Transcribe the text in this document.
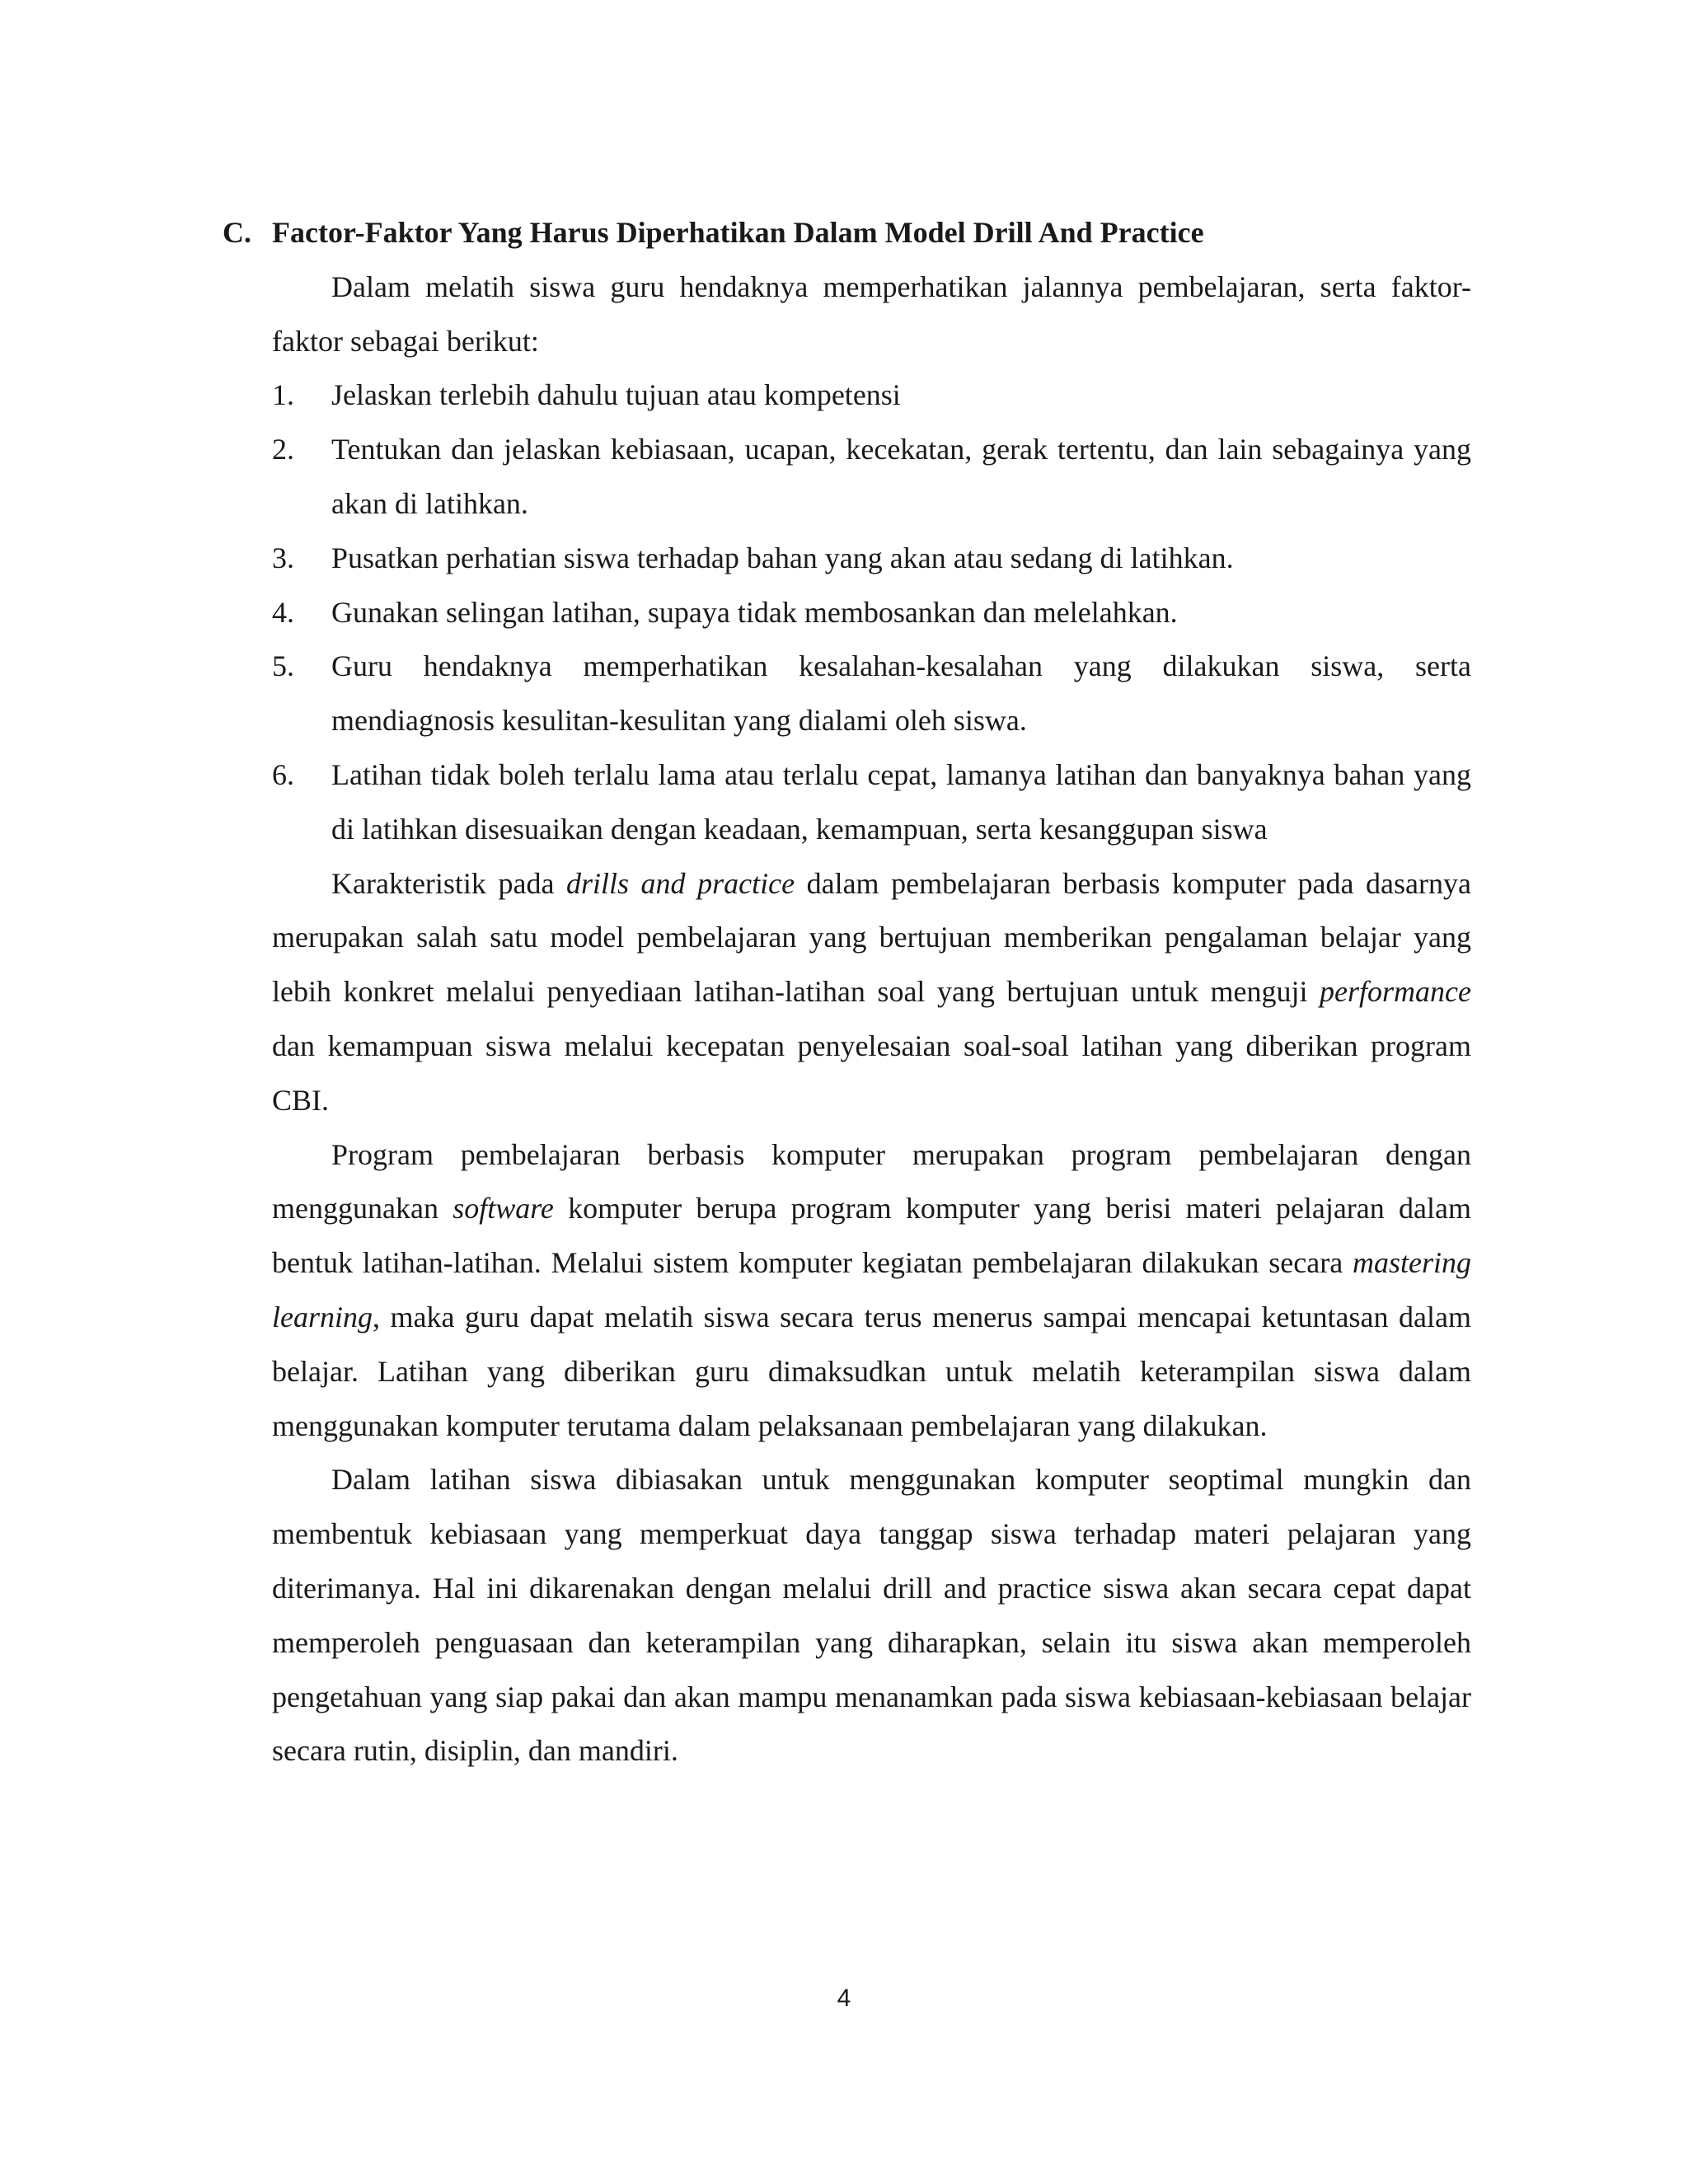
C. Factor-Faktor Yang Harus Diperhatikan Dalam Model Drill And Practice

Dalam melatih siswa guru hendaknya memperhatikan jalannya pembelajaran, serta faktor-faktor sebagai berikut:

1. Jelaskan terlebih dahulu tujuan atau kompetensi
2. Tentukan dan jelaskan kebiasaan, ucapan, kecekatan, gerak tertentu, dan lain sebagainya yang akan di latihkan.
3. Pusatkan perhatian siswa terhadap bahan yang akan atau sedang di latihkan.
4. Gunakan selingan latihan, supaya tidak membosankan dan melelahkan.
5. Guru hendaknya memperhatikan kesalahan-kesalahan yang dilakukan siswa, serta mendiagnosis kesulitan-kesulitan yang dialami oleh siswa.
6. Latihan tidak boleh terlalu lama atau terlalu cepat, lamanya latihan dan banyaknya bahan yang di latihkan disesuaikan dengan keadaan, kemampuan, serta kesanggupan siswa

Karakteristik pada drills and practice dalam pembelajaran berbasis komputer pada dasarnya merupakan salah satu model pembelajaran yang bertujuan memberikan pengalaman belajar yang lebih konkret melalui penyediaan latihan-latihan soal yang bertujuan untuk menguji performance dan kemampuan siswa melalui kecepatan penyelesaian soal-soal latihan yang diberikan program CBI.

Program pembelajaran berbasis komputer merupakan program pembelajaran dengan menggunakan software komputer berupa program komputer yang berisi materi pelajaran dalam bentuk latihan-latihan. Melalui sistem komputer kegiatan pembelajaran dilakukan secara mastering learning, maka guru dapat melatih siswa secara terus menerus sampai mencapai ketuntasan dalam belajar. Latihan yang diberikan guru dimaksudkan untuk melatih keterampilan siswa dalam menggunakan komputer terutama dalam pelaksanaan pembelajaran yang dilakukan.

Dalam latihan siswa dibiasakan untuk menggunakan komputer seoptimal mungkin dan membentuk kebiasaan yang memperkuat daya tanggap siswa terhadap materi pelajaran yang diterimanya. Hal ini dikarenakan dengan melalui drill and practice siswa akan secara cepat dapat memperoleh penguasaan dan keterampilan yang diharapkan, selain itu siswa akan memperoleh pengetahuan yang siap pakai dan akan mampu menanamkan pada siswa kebiasaan-kebiasaan belajar secara rutin, disiplin, dan mandiri.

4
